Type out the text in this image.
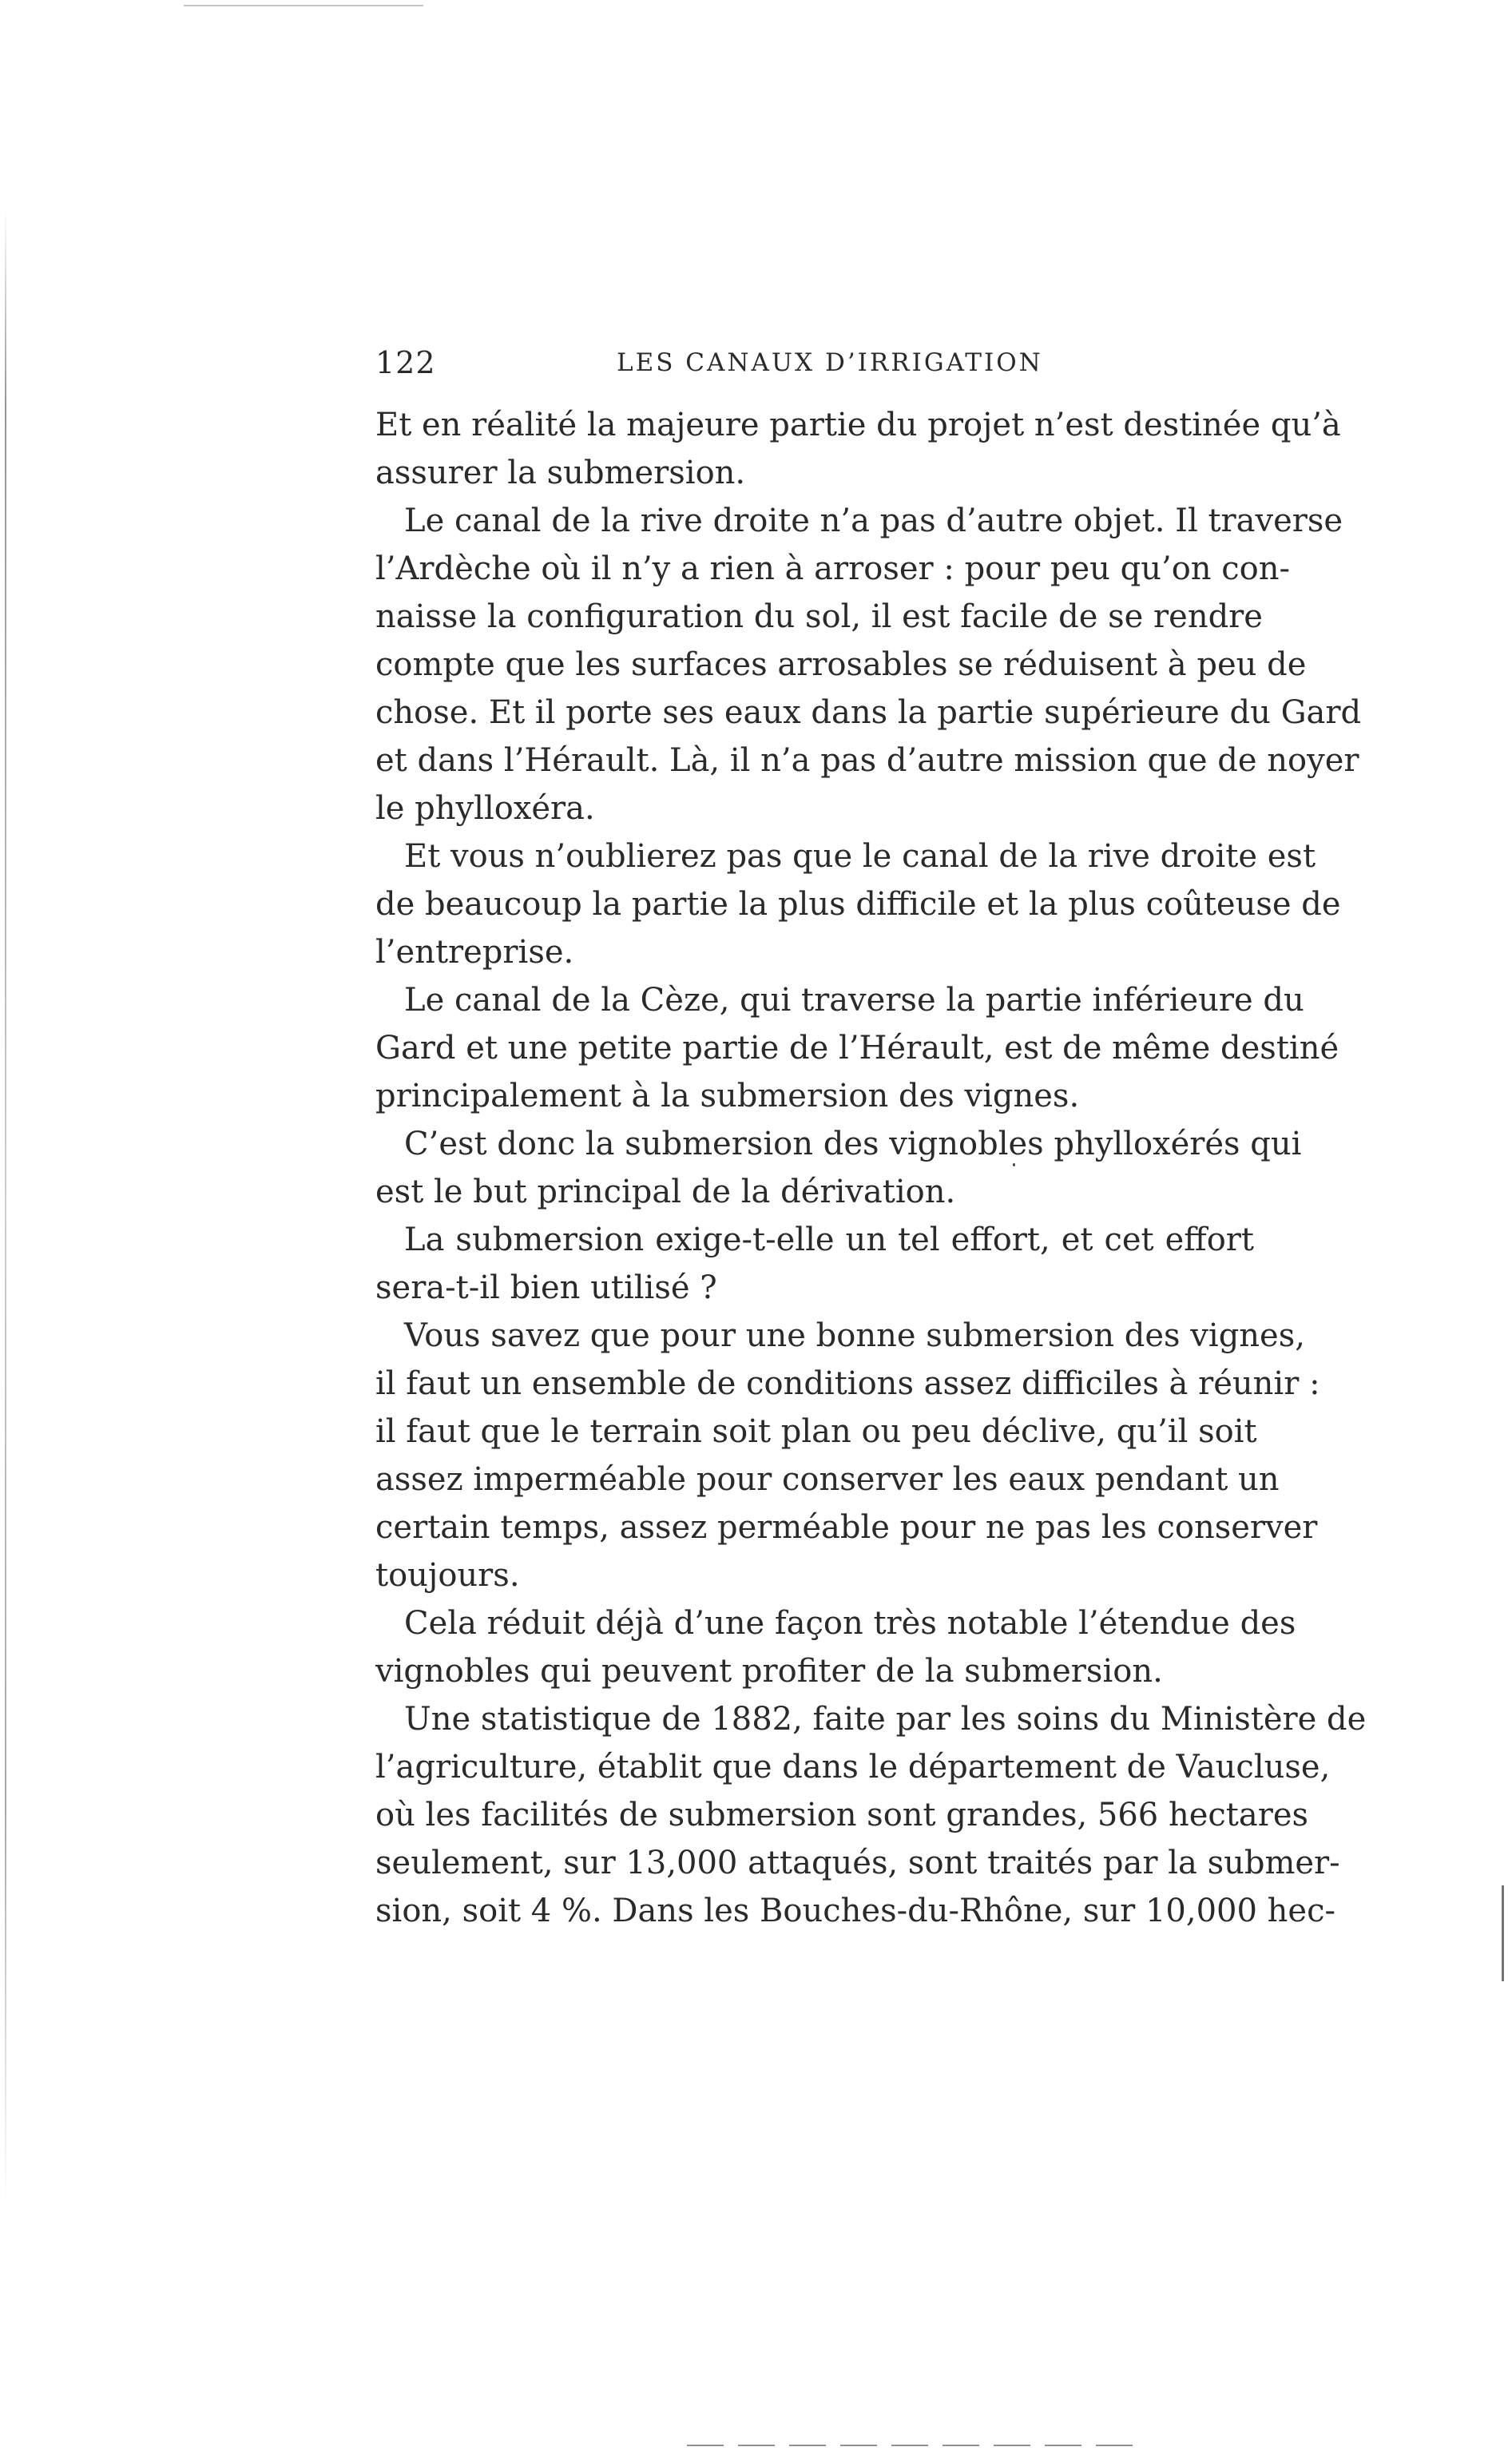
122	LES CANAUX D’IRRIGATION
Et en réalité la majeure partie du projet n’est destinée qu’à
assurer la submersion.
Le canal de la rive droite n’a pas d’autre objet. Il traverse
l’Ardèche où il n’y a rien à arroser : pour peu qu’on con-
naisse la configuration du sol, il est facile de se rendre
compte que les surfaces arrosables se réduisent à peu de
chose. Et il porte ses eaux dans la partie supérieure du Gard
et dans l’Hérault. Là, il n’a pas d’autre mission que de noyer
le phylloxéra.
Et vous n’oublierez pas que le canal de la rive droite est
de beaucoup la partie la plus difficile et la plus coûteuse de
l’entreprise.
Le canal de la Cèze, qui traverse la partie inférieure du
Gard et une petite partie de l’Hérault, est de même destiné
principalement à la submersion des vignes.
C’est donc la submersion des vignobles phylloxérés qui
est le but principal de la dérivation.
La submersion exige-t-elle un tel effort, et cet effort
sera-t-il bien utilisé ?
Vous savez que pour une bonne submersion des vignes,
il faut un ensemble de conditions assez difficiles à réunir :
il faut que le terrain soit plan ou peu déclive, qu’il soit
assez imperméable pour conserver les eaux pendant un
certain temps, assez perméable pour ne pas les conserver
toujours.
Cela réduit déjà d’une façon très notable l’étendue des
vignobles qui peuvent profiter de la submersion.
Une statistique de 1882, faite par les soins du Ministère de
l’agriculture, établit que dans le département de Vaucluse,
où les facilités de submersion sont grandes, 566 hectares
seulement, sur 13,000 attaqués, sont traités par la submer-
sion, soit 4 %. Dans les Bouches-du-Rhône, sur 10,000 hec-
